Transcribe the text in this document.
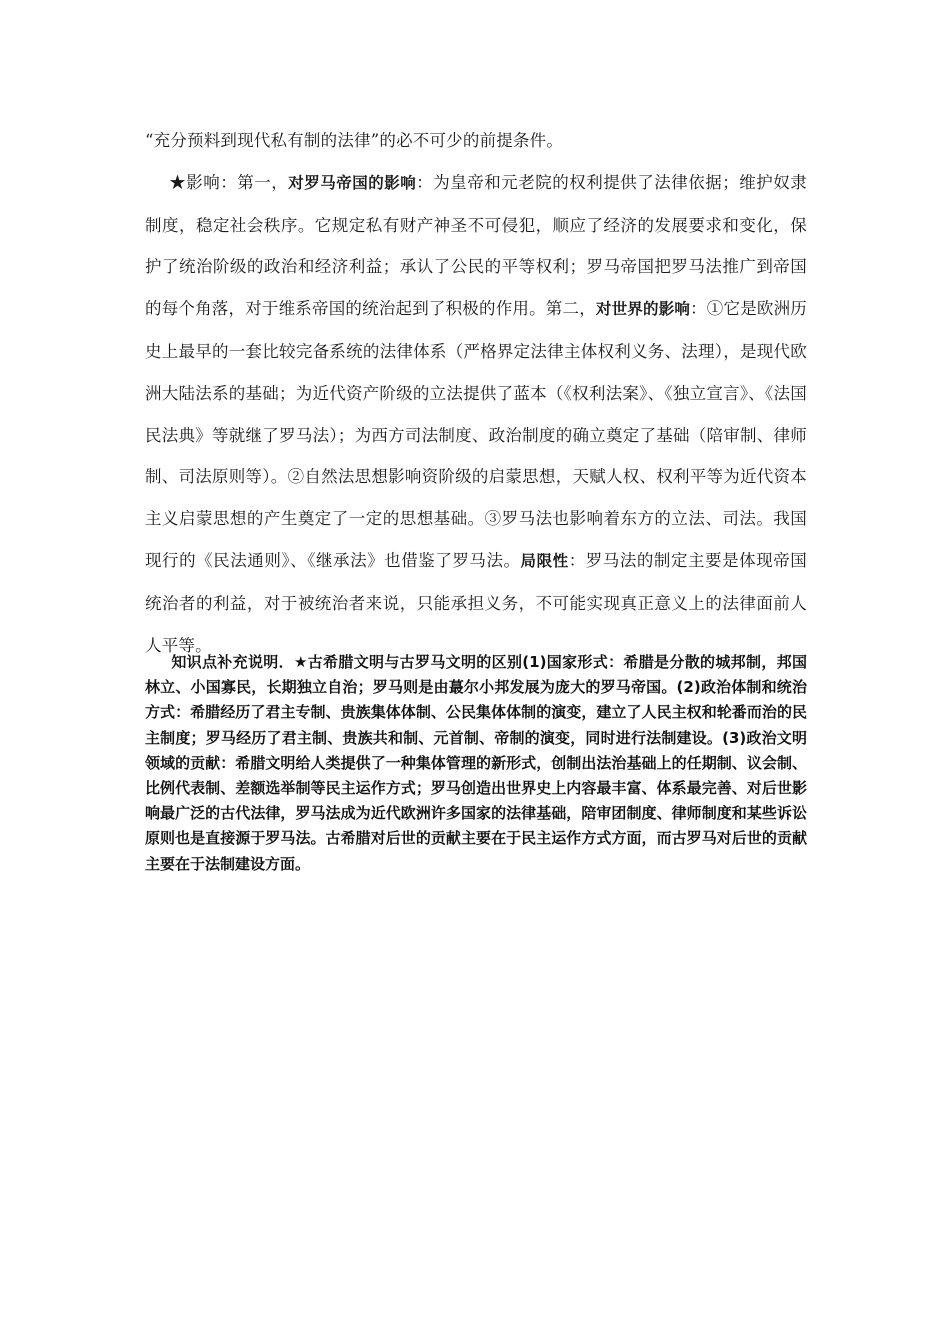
“充分预料到现代私有制的法律”的必不可少的前提条件。
★影响：第一，对罗马帝国的影响：为皇帝和元老院的权利提供了法律依据；维护奴隶制度，稳定社会秩序。它规定私有财产神圣不可侵犯，顺应了经济的发展要求和变化，保护了统治阶级的政治和经济利益；承认了公民的平等权利；罗马帝国把罗马法推广到帝国的每个角落，对于维系帝国的统治起到了积极的作用。第二，对世界的影响：①它是欧洲历史上最早的一套比较完备系统的法律体系（严格界定法律主体权利义务、法理），是现代欧洲大陆法系的基础；为近代资产阶级的立法提供了蓝本（《权利法案》、《独立宣言》、《法国民法典》等就继了罗马法）；为西方司法制度、政治制度的确立奠定了基础（陪审制、律师制、司法原则等）。②自然法思想影响资阶级的启蒙思想，天赋人权、权利平等为近代资本主义启蒙思想的产生奠定了一定的思想基础。③罗马法也影响着东方的立法、司法。我国现行的《民法通则》、《继承法》也借鉴了罗马法。局限性：罗马法的制定主要是体现帝国统治者的利益，对于被统治者来说，只能承担义务，不可能实现真正意义上的法律面前人人平等。
知识点补充说明．★古希腊文明与古罗马文明的区别(1)国家形式：希腊是分散的城邦制，邦国林立、小国寡民，长期独立自治；罗马则是由蕞尔小邦发展为庞大的罗马帝国。(2)政治体制和统治方式：希腊经历了君主专制、贵族集体体制、公民集体体制的演变，建立了人民主权和轮番而治的民主制度；罗马经历了君主制、贵族共和制、元首制、帝制的演变，同时进行法制建设。(3)政治文明领域的贡献：希腊文明给人类提供了一种集体管理的新形式，创制出法治基础上的任期制、议会制、比例代表制、差额选举制等民主运作方式；罗马创造出世界史上内容最丰富、体系最完善、对后世影响最广泛的古代法律，罗马法成为近代欧洲许多国家的法律基础，陪审团制度、律师制度和某些诉讼原则也是直接源于罗马法。古希腊对后世的贡献主要在于民主运作方式方面，而古罗马对后世的贡献主要在于法制建设方面。
